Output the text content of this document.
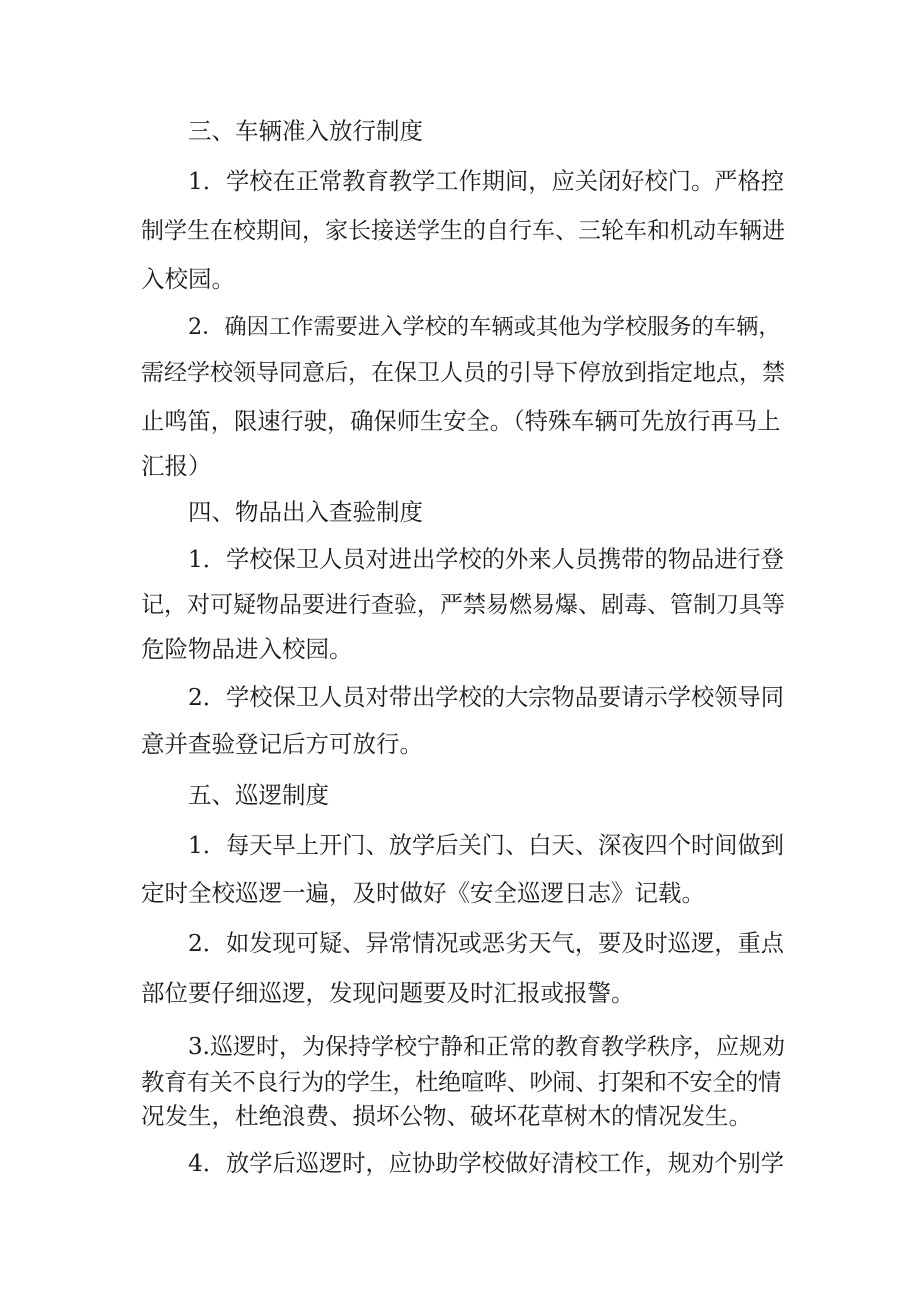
三、车辆准入放行制度
1．学校在正常教育教学工作期间，应关闭好校门。严格控
制学生在校期间，家长接送学生的自行车、三轮车和机动车辆进
入校园。
2．确因工作需要进入学校的车辆或其他为学校服务的车辆，
需经学校领导同意后，在保卫人员的引导下停放到指定地点，禁
止鸣笛，限速行驶，确保师生安全。（特殊车辆可先放行再马上
汇报）
四、物品出入查验制度
1．学校保卫人员对进出学校的外来人员携带的物品进行登
记，对可疑物品要进行查验，严禁易燃易爆、剧毒、管制刀具等
危险物品进入校园。
2．学校保卫人员对带出学校的大宗物品要请示学校领导同
意并查验登记后方可放行。
五、巡逻制度
1．每天早上开门、放学后关门、白天、深夜四个时间做到
定时全校巡逻一遍，及时做好《安全巡逻日志》记载。
2．如发现可疑、异常情况或恶劣天气，要及时巡逻，重点
部位要仔细巡逻，发现问题要及时汇报或报警。
3.巡逻时，为保持学校宁静和正常的教育教学秩序，应规劝
教育有关不良行为的学生，杜绝喧哗、吵闹、打架和不安全的情
况发生，杜绝浪费、损坏公物、破坏花草树木的情况发生。
4．放学后巡逻时，应协助学校做好清校工作，规劝个别学
